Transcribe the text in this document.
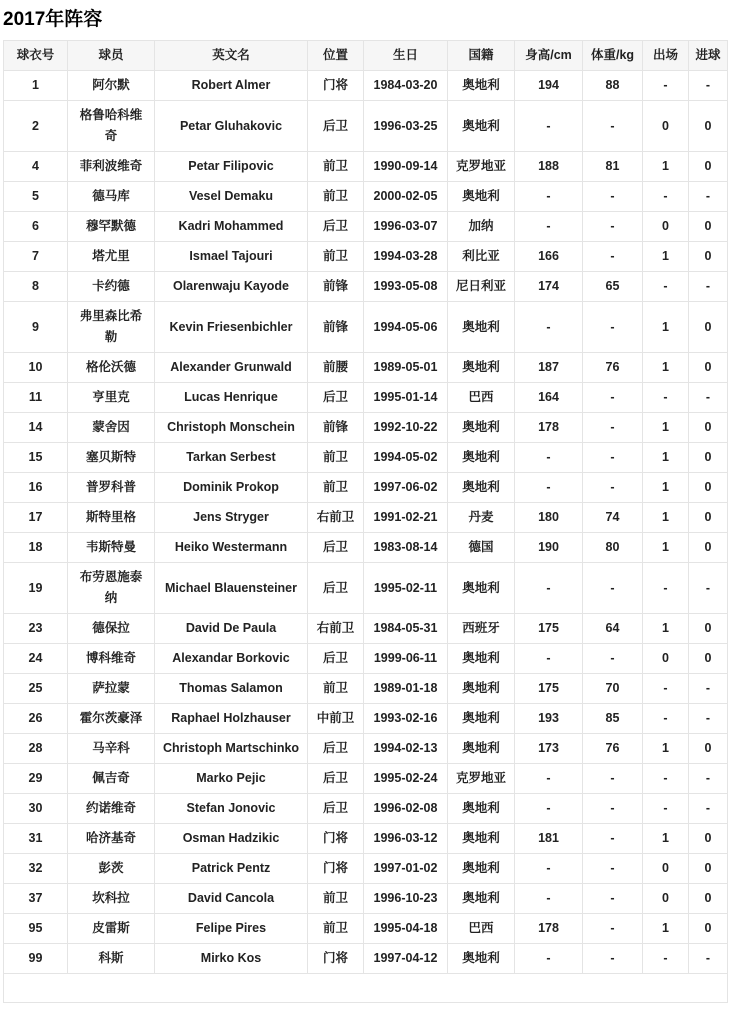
2017年阵容
球衣号	球员	英文名	位置	生日	国籍	身高/cm	体重/kg	出场	进球
1	阿尔默	Robert Almer	门将	1984-03-20	奥地利	194	88	-	-
2	格鲁哈科维奇	Petar Gluhakovic	后卫	1996-03-25	奥地利	-	-	0	0
4	菲利波维奇	Petar Filipovic	前卫	1990-09-14	克罗地亚	188	81	1	0
5	德马库	Vesel Demaku	前卫	2000-02-05	奥地利	-	-	-	-
6	穆罕默德	Kadri Mohammed	后卫	1996-03-07	加纳	-	-	0	0
7	塔尤里	Ismael Tajouri	前卫	1994-03-28	利比亚	166	-	1	0
8	卡约德	Olarenwaju Kayode	前锋	1993-05-08	尼日利亚	174	65	-	-
9	弗里森比希勒	Kevin Friesenbichler	前锋	1994-05-06	奥地利	-	-	1	0
10	格伦沃德	Alexander Grunwald	前腰	1989-05-01	奥地利	187	76	1	0
11	亨里克	Lucas Henrique	后卫	1995-01-14	巴西	164	-	-	-
14	蒙舍因	Christoph Monschein	前锋	1992-10-22	奥地利	178	-	1	0
15	塞贝斯特	Tarkan Serbest	前卫	1994-05-02	奥地利	-	-	1	0
16	普罗科普	Dominik Prokop	前卫	1997-06-02	奥地利	-	-	1	0
17	斯特里格	Jens Stryger	右前卫	1991-02-21	丹麦	180	74	1	0
18	韦斯特曼	Heiko Westermann	后卫	1983-08-14	德国	190	80	1	0
19	布劳恩施泰纳	Michael Blauensteiner	后卫	1995-02-11	奥地利	-	-	-	-
23	德保拉	David De Paula	右前卫	1984-05-31	西班牙	175	64	1	0
24	博科维奇	Alexandar Borkovic	后卫	1999-06-11	奥地利	-	-	0	0
25	萨拉蒙	Thomas Salamon	前卫	1989-01-18	奥地利	175	70	-	-
26	霍尔茨豪泽	Raphael Holzhauser	中前卫	1993-02-16	奥地利	193	85	-	-
28	马辛科	Christoph Martschinko	后卫	1994-02-13	奥地利	173	76	1	0
29	佩吉奇	Marko Pejic	后卫	1995-02-24	克罗地亚	-	-	-	-
30	约诺维奇	Stefan Jonovic	后卫	1996-02-08	奥地利	-	-	-	-
31	哈济基奇	Osman Hadzikic	门将	1996-03-12	奥地利	181	-	1	0
32	彭茨	Patrick Pentz	门将	1997-01-02	奥地利	-	-	0	0
37	坎科拉	David Cancola	前卫	1996-10-23	奥地利	-	-	0	0
95	皮雷斯	Felipe Pires	前卫	1995-04-18	巴西	178	-	1	0
99	科斯	Mirko Kos	门将	1997-04-12	奥地利	-	-	-	-
